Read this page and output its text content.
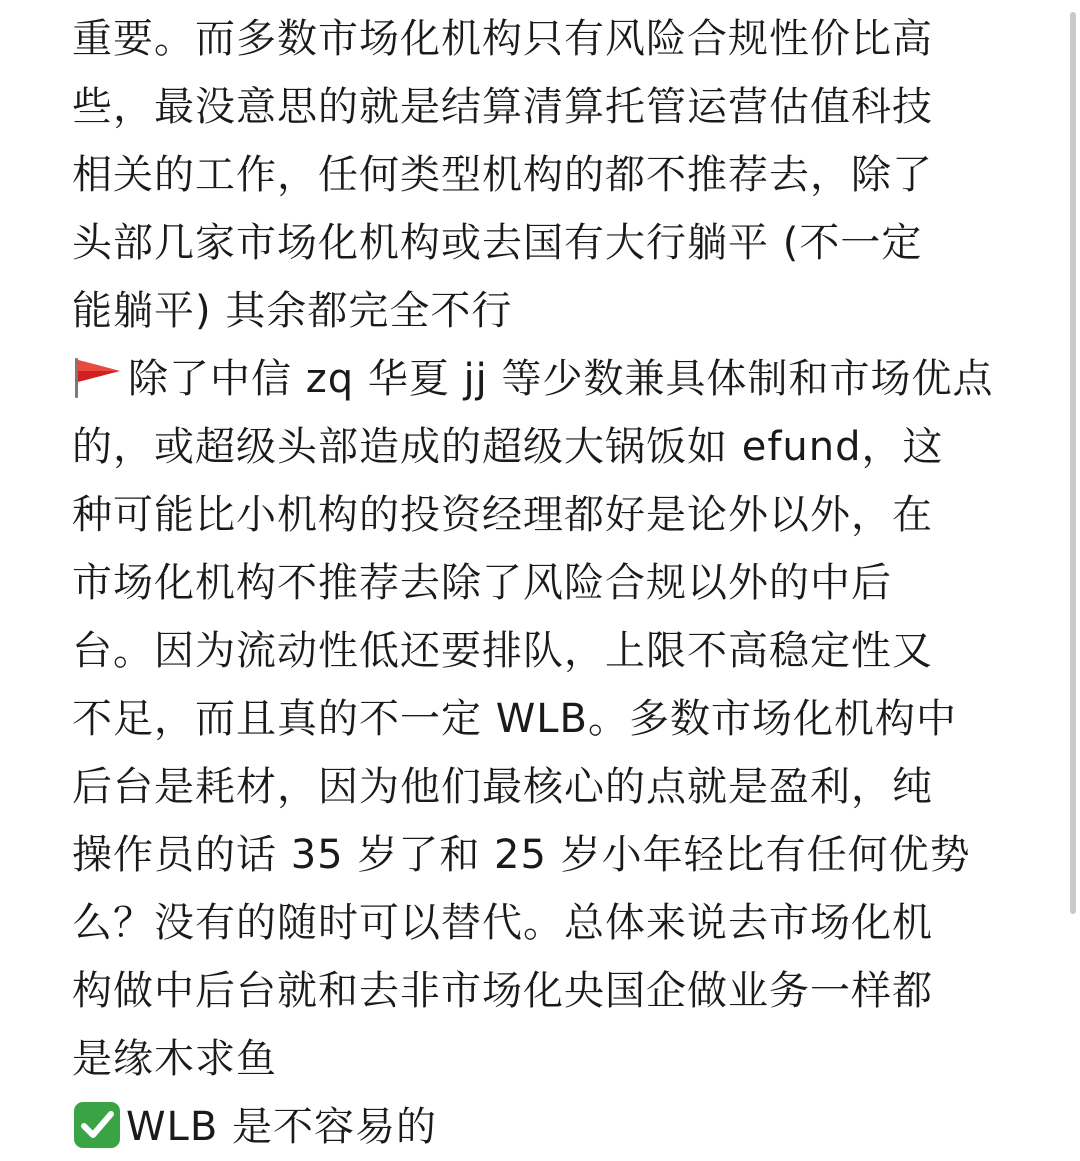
重要。而多数市场化机构只有风险合规性价比高
些，最没意思的就是结算清算托管运营估值科技
相关的工作，任何类型机构的都不推荐去，除了
头部几家市场化机构或去国有大行躺平 (不一定
能躺平) 其余都完全不行
除了中信 zq 华夏 jj 等少数兼具体制和市场优点
的，或超级头部造成的超级大锅饭如 efund，这
种可能比小机构的投资经理都好是论外以外，在
市场化机构不推荐去除了风险合规以外的中后
台。因为流动性低还要排队，上限不高稳定性又
不足，而且真的不一定 WLB。多数市场化机构中
后台是耗材，因为他们最核心的点就是盈利，纯
操作员的话 35 岁了和 25 岁小年轻比有任何优势
么？没有的随时可以替代。总体来说去市场化机
构做中后台就和去非市场化央国企做业务一样都
是缘木求鱼
WLB 是不容易的
